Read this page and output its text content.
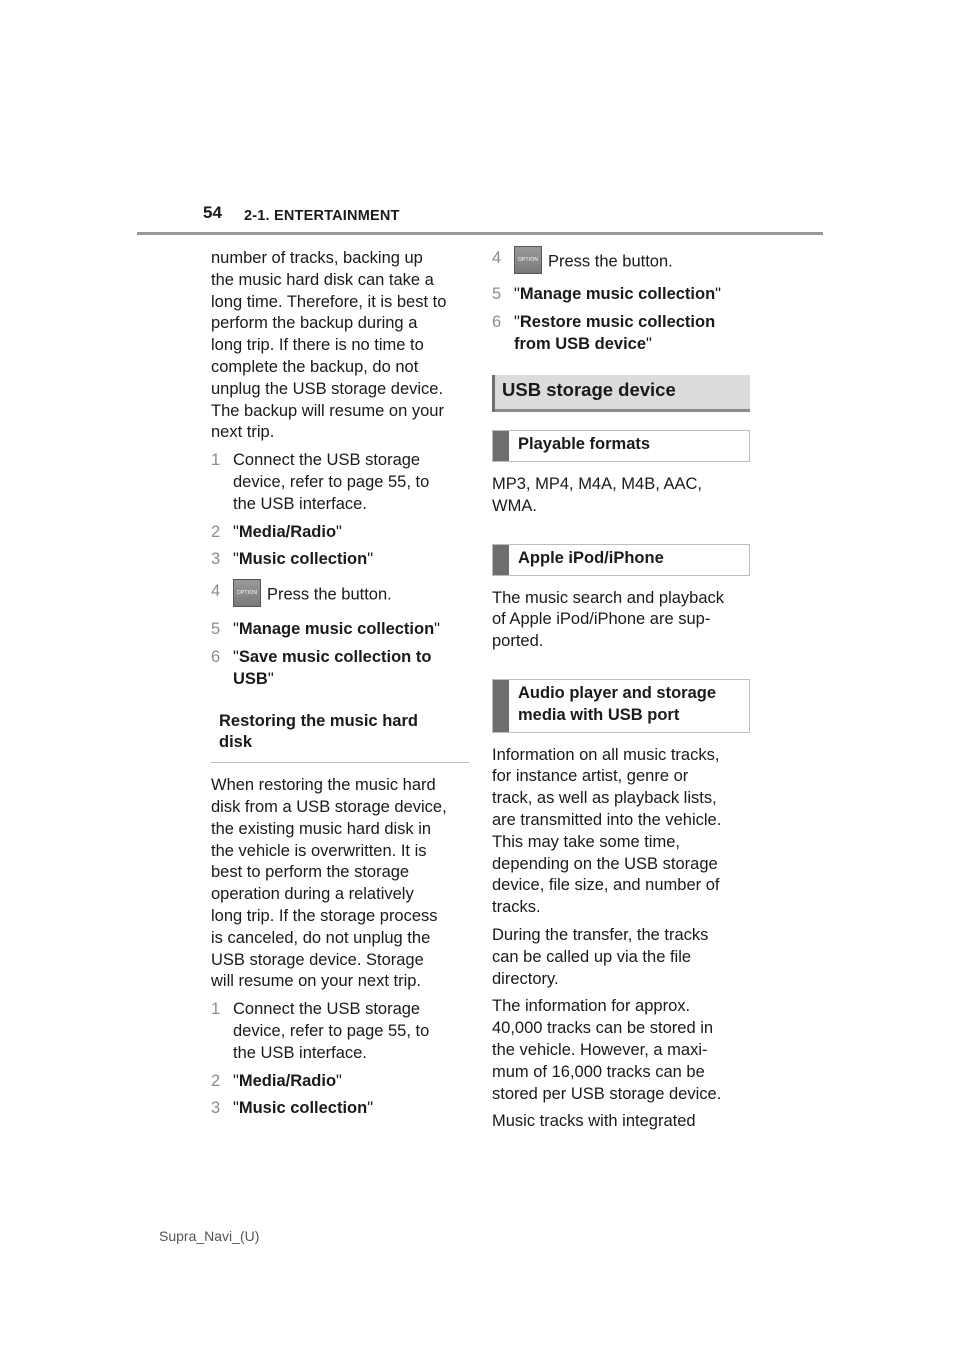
54 2-1. ENTERTAINMENT
number of tracks, backing up
the music hard disk can take a
long time. Therefore, it is best to
perform the backup during a
long trip. If there is no time to
complete the backup, do not
unplug the USB storage device.
The backup will resume on your
next trip.
1 Connect the USB storage
device, refer to page 55, to
the USB interface.
2 "Media/Radio"
3 "Music collection"
4	OPTION Press the button.
5 "Manage music collection"
6 "Save music collection to
USB"
Restoring the music hard
disk
When restoring the music hard
disk from a USB storage device,
the existing music hard disk in
the vehicle is overwritten. It is
best to perform the storage
operation during a relatively
long trip. If the storage process
is canceled, do not unplug the
USB storage device. Storage
will resume on your next trip.
1 Connect the USB storage
device, refer to page 55, to
the USB interface.
2 "Media/Radio"
3 "Music collection"
4	OPTION Press the button.
5 "Manage music collection"
6 "Restore music collection
from USB device"
USB storage device
Playable formats
MP3, MP4, M4A, M4B, AAC,
WMA.
Apple iPod/iPhone
The music search and playback
of Apple iPod/iPhone are sup-
ported.
Audio player and storage
media with USB port
Information on all music tracks,
for instance artist, genre or
track, as well as playback lists,
are transmitted into the vehicle.
This may take some time,
depending on the USB storage
device, file size, and number of
tracks.
During the transfer, the tracks
can be called up via the file
directory.
The information for approx.
40,000 tracks can be stored in
the vehicle. However, a maxi-
mum of 16,000 tracks can be
stored per USB storage device.
Music tracks with integrated
Supra_Navi_(U)
